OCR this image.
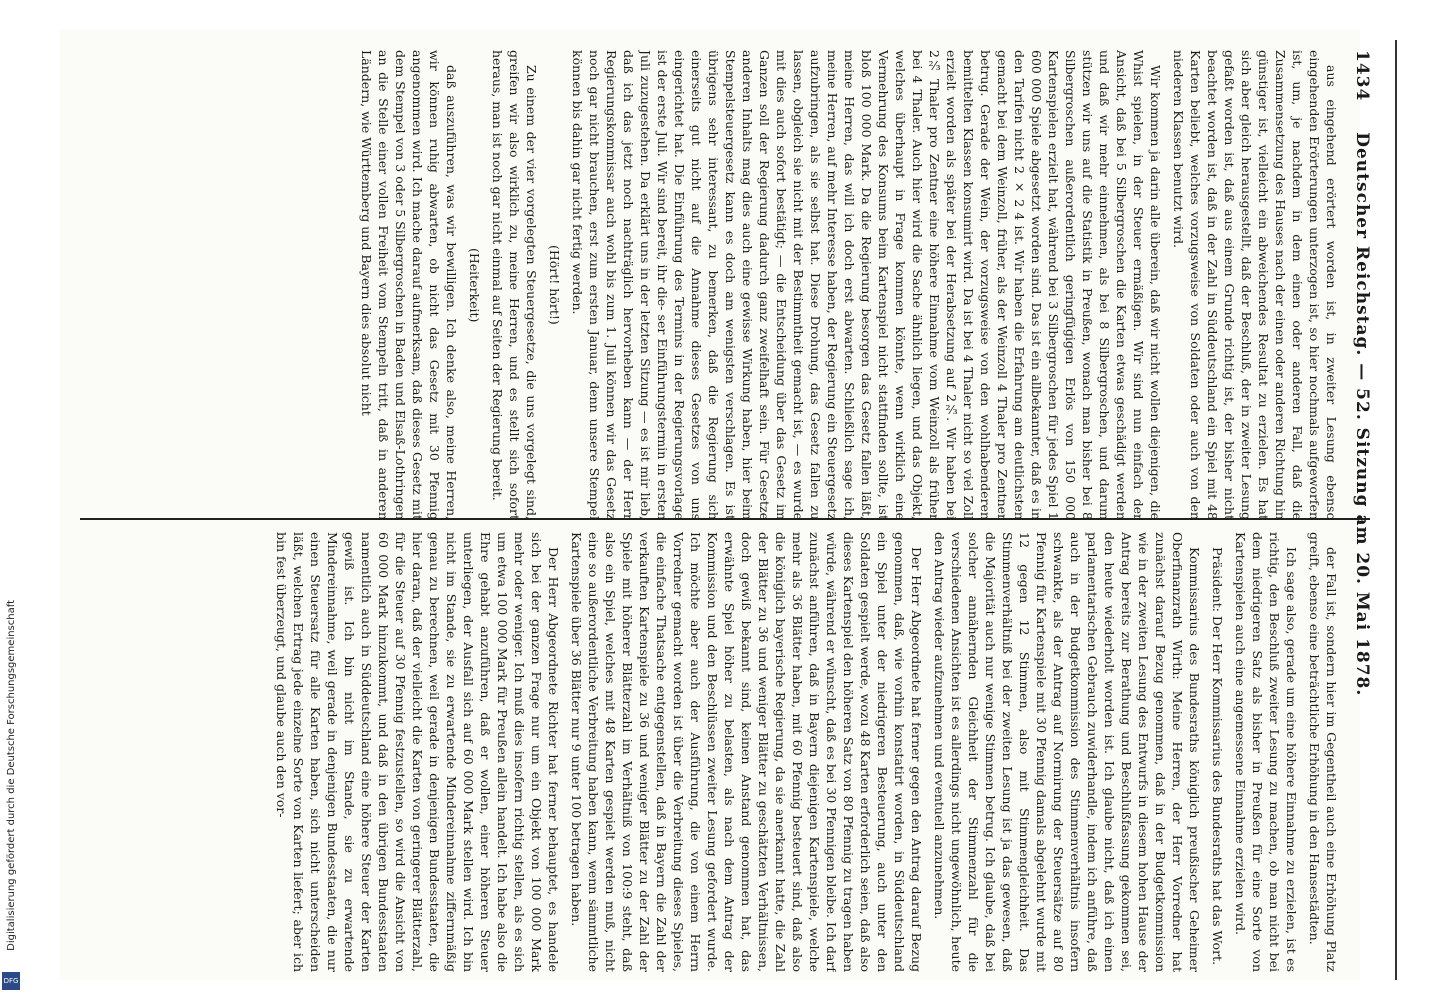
1434 Deutscher Reichstag. — 52. Sitzung am 20. Mai 1878.

aus eingehend erörtert worden ist, in zweiter Lesung ebenso eingehenden Erörterungen unterzogen ist, so hier nochmals aufgeworfen ist, um, je nachdem in dem einen oder anderen Fall, daß die Zusammensetzung des Hauses nach der einen oder anderen Richtung hin günstiger ist, vielleicht ein abweichendes Resultat zu erzielen. Es hat sich aber gleich herausgestellt, daß der Beschluß, der in zweiter Lesung gefaßt worden ist, daß aus einem Grunde richtig ist, der bisher nicht beachtet worden ist, daß in der Zahl in Süddeutschland ein Spiel mit 48 Karten beliebt, welches vorzugsweise von Soldaten oder auch von den niederen Klassen benutzt wird.

Wir kommen ja darin alle überein, daß wir nicht wollen diejenigen, die Whist spielen, in der Steuer ermäßigen. Wir sind nun einfach der Ansicht, daß bei 5 Silbergroschen die Karten etwas geschädigt werden und daß wir mehr einnehmen, als bei 8 Silbergroschen, und darum stützen wir uns auf die Statistik in Preußen, wonach man bisher bei 8 Silbergroschen außerordentlich geringfügigen Erlös von 150 000 Kartenspielen erzielt hat, während bei 3 Silbergroschen für jedes Spiel 1 600 000 Spiele abgesetzt worden sind. Das ist ein allbekannter, daß es in den Tarifen nicht 2 × 2 4 ist. Wir haben die Erfahrung am deutlichsten gemacht bei dem Weinzoll, früher, als der Weinzoll 4 Thaler pro Zentner betrug. Gerade der Wein, der vorzugsweise von den wohlhabenderen bemittelten Klassen konsumirt wird. Da ist bei 4 Thaler nicht so viel Zoll erzielt worden als später bei der Herabsetzung auf 2⅔. Wir haben bei 2⅔ Thaler pro Zentner eine höhere Einnahme vom Weinzoll als früher bei 4 Thaler. Auch hier wird die Sache ähnlich liegen, und das Objekt, welches überhaupt in Frage kommen könnte, wenn wirklich eine Vermehrung des Konsums beim Kartenspiel nicht stattfinden sollte, ist bloß 100 000 Mark. Da die Regierung besorgen das Gesetz fallen läßt, meine Herren, das will ich doch erst abwarten. Schließlich sage ich, meine Herren, auf mehr Interesse haben, der Regierung ein Steuergesetz aufzubringen, als sie selbst hat. Diese Drohung, das Gesetz fallen zu lassen, obgleich sie nicht mit der Bestimmtheit gemacht ist, — es wurde mit dies auch sofort bestätigt; — die Entscheidung über das Gesetz im Ganzen soll der Regierung dadurch ganz zweifelhaft sein. Für Gesetze anderen Inhalts mag dies auch eine gewisse Wirkung haben, hier beim Stempelsteuergesetz kann es doch am wenigsten verschlagen. Es ist übrigens sehr interessant, zu bemerken, daß die Regierung sich einerseits gut nicht auf die Annahme dieses Gesetzes von uns eingerichtet hat. Die Einführung des Termins in der Regierungsvorlage ist der erste Juli. Wir sind bereit, ihr die- ser Einführungstermin in ersten Juli zuzugestehen. Da erklärt uns in der letzten Sitzung — es ist mir lieb, daß ich das jetzt noch nachträglich hervorheben kann — der Herr Regierungskommissar auch wohl bis zum 1. Juli können wir das Gesetz noch gar nicht brauchen, erst zum ersten Januar, denn unsere Stempel können bis dahin gar nicht fertig werden.

(Hört! hört!)

Zu einem der vier vorgelegten Steuergesetze, die uns vorgelegt sind, greifen wir also wirklich zu, meine Herren, und es stellt sich sofort heraus, man ist noch gar nicht einmal auf Seiten der Regierung bereit.

(Heiterkeit)

daß auszuführen, was wir bewilligen. Ich denke also, meine Herren, wir können ruhig abwarten, ob nicht das Gesetz mit 30 Pfennig angenommen wird. Ich mache darauf aufmerksam, daß dieses Gesetz mit dem Stempel von 3 oder 5 Silbergroschen in Baden und Elsaß-Lothringen an die Stelle einer vollen Freiheit vom Stempeln tritt, daß in anderen Ländern, wie Württemberg und Bayern dies absolut nicht

der Fall ist, sondern hier im Gegentheil auch eine Erhöhung Platz greift, ebenso eine beträchtliche Erhöhung in den Hansestädten.

Ich sage also, gerade um eine höhere Einnahme zu erzielen, ist es richtig, den Beschluß zweiter Lesung zu machen, ob man nicht bei dem niedrigeren Satz als bisher in Preußen für eine Sorte von Kartenspielen auch eine angemessene Einnahme erzielen wird.

Präsident: Der Herr Kommissarius des Bundesraths hat das Wort.

Kommissarius des Bundesraths königlich preußischer Geheimer Oberfinanzrath Wirth: Meine Herren, der Herr Vorredner hat zunächst darauf Bezug genommen, daß in der Budgetkommission wie in der zweiten Lesung des Entwurfs in diesem hohen Hause der Antrag bereits zur Berathung und Beschlußfassung gekommen sei, den heute wiederholt worden ist. Ich glaube nicht, daß ich einen parlamentarischen Gebrauch zuwiderhandle, indem ich anführe, daß auch in der Budgetkommission des Stimmenverhältnis insofern schwankte, als der Antrag auf Normirung der Steuersätze auf 80 Pfennig für Kartenspiele mit 30 Pfennig damals abgelehnt wurde mit 12 gegen 12 Stimmen, also mit Stimmengleichheit. Das Stimmenverhältniß bei der zweiten Lesung ist ja das gewesen, daß die Majorität auch nur wenige Stimmen betrug. Ich glaube, daß bei solcher annähernden Gleichheit der Stimmenzahl für die verschiedenen Ansichten ist es allerdings nicht ungewöhnlich, heute den Antrag wieder aufzunehmen und eventuell anzunehmen.

Der Herr Abgeordnete hat ferner gegen den Antrag darauf Bezug genommen, daß, wie vorhin konstatirt worden, in Süddeutschland ein Spiel unter der niedrigeren Besteuerung, auch unter den Soldaten gespielt werde, wozu 48 Karten erforderlich seien, daß also dieses Kartenspiel den höheren Satz von 80 Pfennig zu tragen haben würde, während er wünscht, daß es bei 30 Pfennigen bleibe. Ich darf zunächst anführen, daß in Bayern diejenigen Kartenspiele, welche mehr als 36 Blätter haben, mit 60 Pfennig besteuert sind, daß also die königlich bayerische Regierung, da sie anerkannt hatte, die Zahl der Blätter zu 36 und weniger Blätter zu geschätzten Verhältnissen, doch gewiß bekannt sind, keinen Anstand genommen hat, das erwähnte Spiel höher zu belasten, als nach dem Antrag der Kommission und den Beschlüssen zweiter Lesung gefordert wurde. Ich möchte aber auch der Ausführung, die von einem Herrn Vorredner gemacht worden ist über die Verbreitung dieses Spieles, die einfache Thatsache entgegenstellen, daß in Bayern die Zahl der verkauften Kartenspiele zu 36 und weniger Blätter zu der Zahl der Spiele mit höherer Blätterzahl im Verhältniß von 100:9 steht, daß also ein Spiel, welches mit 48 Karten gespielt werden muß, nicht eine so außerordentliche Verbreitung haben kann, wenn sämmtliche Kartenspiele über 36 Blätter nur 9 unter 100 betragen haben.

Der Herr Abgeordnete Richter hat ferner behauptet, es handele sich bei der ganzen Frage nur um ein Objekt von 100 000 Mark mehr oder weniger. Ich muß dies insofern richtig stellen, als es sich um etwa 100 000 Mark für Preußen allein handelt. Ich habe also die Ehre gehabt anzuführen, daß er wollen, einer höheren Steuer unterliegen, der Ausfall sich auf 60 000 Mark stellen wird. Ich bin nicht im Stande, sie zu erwartende Mindereinnahme ziffernmäßig genau zu berechnen, weil gerade in denjenigen Bundesstaaten, die hier daran, daß der vielleicht die Karten von geringerer Blätterzahl, für die Steuer auf 30 Pfennig festzustellen, so wird die Ansicht von 60 000 Mark hinzukommt, und daß in den übrigen Bundesstaaten namentlich auch in Süddeutschland eine höhere Steuer der Karten gewiß ist. Ich bin nicht im Stande, sie zu erwartende Mindereinnahme, weil gerade in denjenigen Bundesstaaten, die nur einen Steuersatz für alle Karten haben, sich nicht unterscheiden läßt, welchen Ertrag jede einzelne Sorte von Karten liefert; aber ich bin fest überzeugt, und glaube auch den vor-

Digitalisierung gefördert durch die Deutsche Forschungsgemeinschaft
DFG
